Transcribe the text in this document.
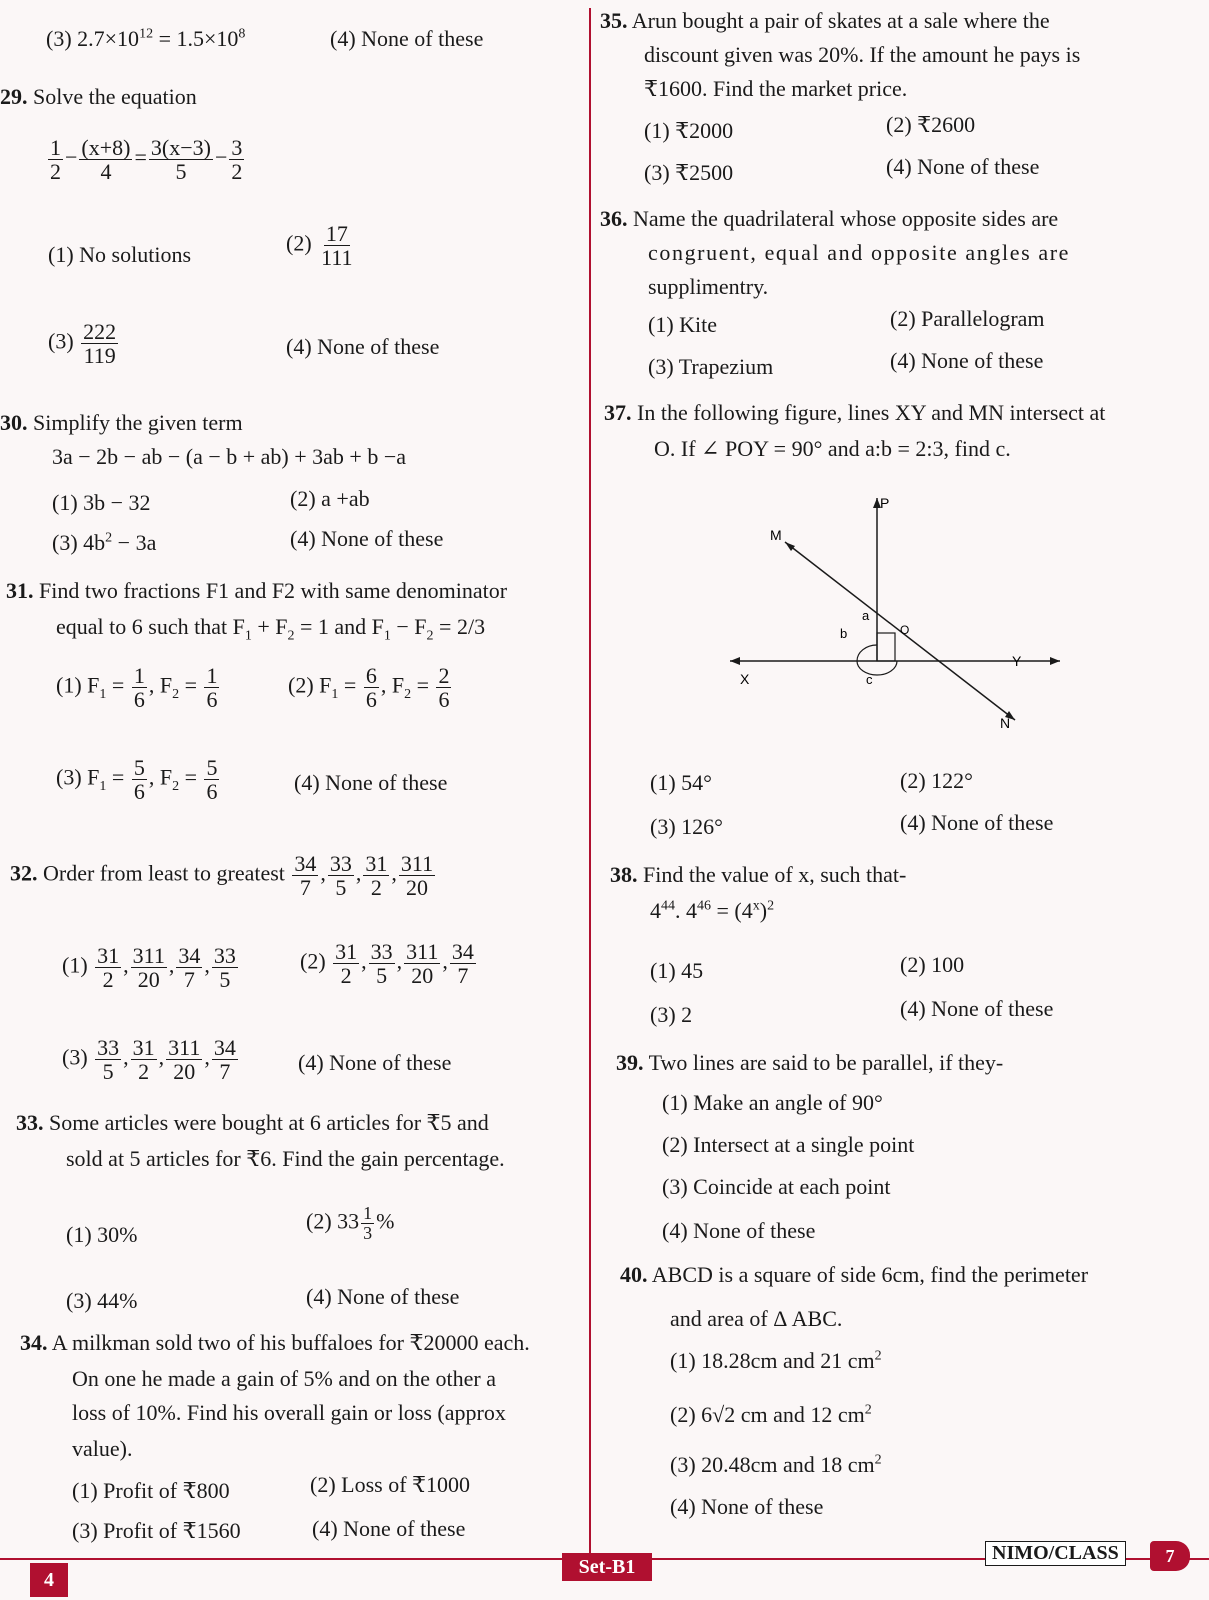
(3) $2.7\times 10^{12} = 1.5\times 10^8$	(4) None of these
29. Solve the equation
$\frac{1}{2} - \frac{(x+8)}{4} = \frac{3(x-3)}{5} - \frac{3}{2}$
(1) No solutions	$(2) \frac{17}{111}$
$(3) \frac{222}{119}$	(4) None of these
30. Simplify the given term
3a − 2b − ab − (a − b + ab) + 3ab + b −a
(1) 3b − 32	(2) a +ab
(3) $4b^2 - 3a$	(4) None of these
31. Find two fractions F1 and F2 with same denominator
equal to 6 such that $F_1 + F_2 = 1$ and $F_1 - F_2 = 2/3$
(1) $F_1 = \frac{1}{6}$ , $F_2 = \frac{1}{6}$	(2) $F_1 = \frac{6}{6}$ , $F_2 = \frac{2}{6}$
(3) $F_1 = \frac{5}{6}$ , $F_2 = \frac{5}{6}$	(4) None of these
32. Order from least to greatest $\frac{34}{7}$ , $\frac{33}{5}$ , $\frac{31}{2}$ , $\frac{311}{20}$
$(1) \frac{31}{2}$ , $\frac{311}{20}$ , $\frac{34}{7}$ , $\frac{33}{5}$	$(2) \frac{31}{2}$ , $\frac{33}{5}$ , $\frac{311}{20}$ , $\frac{34}{7}$
$(3) \frac{33}{5}$ , $\frac{31}{2}$ , $\frac{311}{20}$ , $\frac{34}{7}$	(4) None of these
33. Some articles were bought at 6 articles for ₹5 and
sold at 5 articles for ₹6. Find the gain percentage.
(1) 30%
(2) $33 \frac{1}{3}$ %
(3) 44%	(4) None of these
34. A milkman sold two of his buffaloes for ₹20000 each.
On one he made a gain of 5% and on the other a
loss of 10%. Find his overall gain or loss (approx
value).
(1) Profit of ₹800	(2) Loss of ₹1000
(3) Profit of ₹1560	(4) None of these
35. Arun bought a pair of skates at a sale where the
discount given was 20%. If the amount he pays is
₹1600. Find the market price.
(1) ₹2000	(2) ₹2600
(3) ₹2500	(4) None of these
36. Name the quadrilateral whose opposite sides are
congruent, equal and opposite angles are
supplimentry.
(1) Kite	(2) Parallelogram
(3) Trapezium	(4) None of these
37. In the following figure, lines XY and MN intersect at
O. If ∠ POY = 90° and a:b = 2:3, find c.
P
M
X
Y
N
O
a
b
c
(1) 54°	(2) 122°
(3) 126°	(4) None of these
38. Find the value of x, such that-
$4^{44}$. $4^{46} = (4^x)^2$
(1) 45	(2) 100
(3) 2	(4) None of these
39. Two lines are said to be parallel, if they-
(1) Make an angle of 90°
(2) Intersect at a single point
(3) Coincide at each point
(4) None of these
40. ABCD is a square of side 6cm, find the perimeter
and area of Δ ABC.
(1) 18.28cm and 21 $cm^2$
(2) 6√2 cm and 12 $cm^2$
(3) 20.48cm and 18 $cm^2$
(4) None of these
4
Set-B1
NIMO/CLASS	7
